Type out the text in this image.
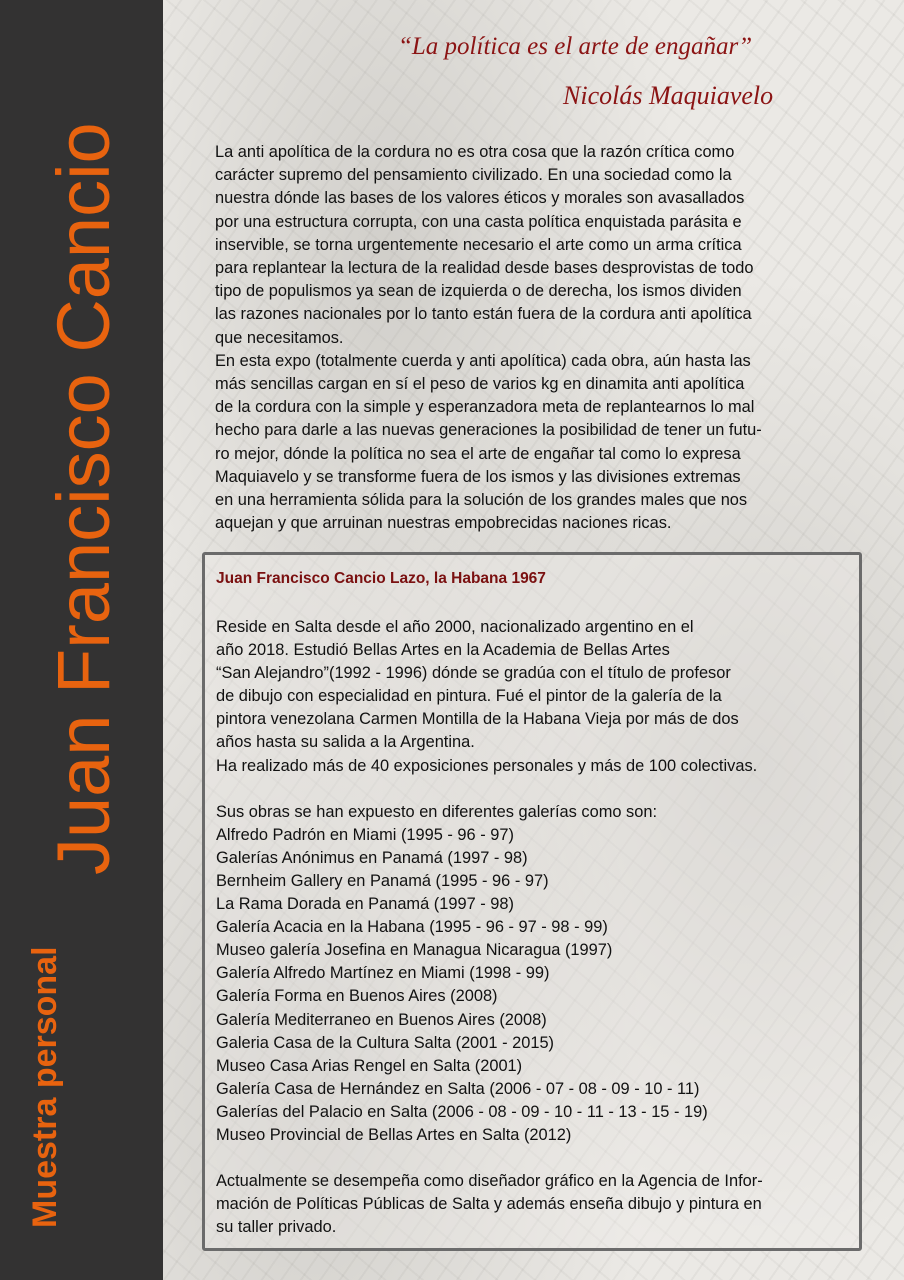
Juan Francisco Cancio
Muestra personal
“La política es el arte de engañar”
Nicolás Maquiavelo

La anti apolítica de la cordura no es otra cosa que la razón crítica como
carácter supremo del pensamiento civilizado. En una sociedad como la
nuestra dónde las bases de los valores éticos y morales son avasallados
por una estructura corrupta, con una casta política enquistada parásita e
inservible, se torna urgentemente necesario el arte como un arma crítica
para replantear la lectura de la realidad desde bases desprovistas de todo
tipo de populismos ya sean de izquierda o de derecha, los ismos dividen
las razones nacionales por lo tanto están fuera de la cordura anti apolítica
que necesitamos.

En esta expo (totalmente cuerda y anti apolítica) cada obra, aún hasta las
más sencillas cargan en sí el peso de varios kg en dinamita anti apolítica
de la cordura con la simple y esperanzadora meta de replantearnos lo mal
hecho para darle a las nuevas generaciones la posibilidad de tener un futu-
ro mejor, dónde la política no sea el arte de engañar tal como lo expresa
Maquiavelo y se transforme fuera de los ismos y las divisiones extremas
en una herramienta sólida para la solución de los grandes males que nos
aquejan y que arruinan nuestras empobrecidas naciones ricas.

Juan Francisco Cancio Lazo, la Habana 1967

Reside en Salta desde el año 2000, nacionalizado argentino en el
año 2018. Estudió Bellas Artes en la Academia de Bellas Artes
“San Alejandro”(1992 - 1996) dónde se gradúa con el título de profesor
de dibujo con especialidad en pintura. Fué el pintor de la galería de la
pintora venezolana Carmen Montilla de la Habana Vieja por más de dos
años hasta su salida a la Argentina.
Ha realizado más de 40 exposiciones personales y más de 100 colectivas.

Sus obras se han expuesto en diferentes galerías como son:

Alfredo Padrón en Miami (1995 - 96 - 97)
Galerías Anónimus en Panamá (1997 - 98)
Bernheim Gallery en Panamá (1995 - 96 - 97)
La Rama Dorada en Panamá (1997 - 98)
Galería Acacia en la Habana (1995 - 96 - 97 - 98 - 99)
Museo galería Josefina en Managua Nicaragua (1997)
Galería Alfredo Martínez en Miami (1998 - 99)
Galería Forma en Buenos Aires (2008)
Galería Mediterraneo en Buenos Aires (2008)
Galeria Casa de la Cultura Salta (2001 - 2015)
Museo Casa Arias Rengel en Salta (2001)
Galería Casa de Hernández en Salta (2006 - 07 - 08 - 09 - 10 - 11)
Galerías del Palacio en Salta (2006 - 08 - 09 - 10 - 11 - 13 - 15 - 19)
Museo Provincial de Bellas Artes en Salta (2012)

Actualmente se desempeña como diseñador gráfico en la Agencia de Infor-
mación de Políticas Públicas de Salta y además enseña dibujo y pintura en
su taller privado.
